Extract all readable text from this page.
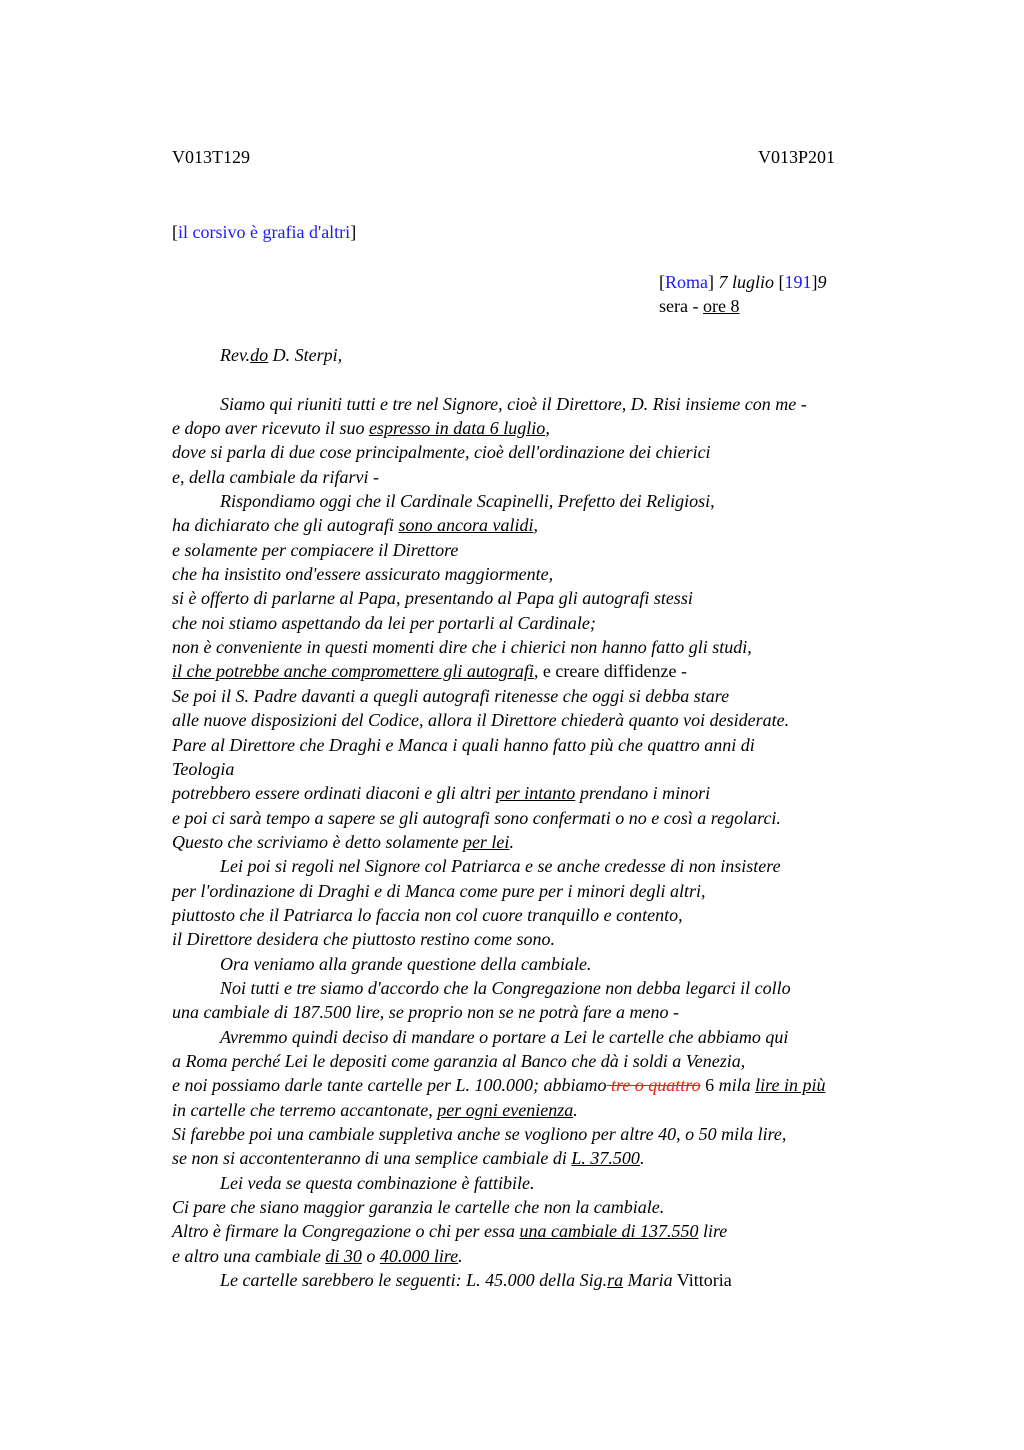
V013T129	V013P201
[il corsivo è grafia d'altri]
[Roma] 7 luglio [191]9
sera - ore 8
Rev.do D. Sterpi,
Siamo qui riuniti tutti e tre nel Signore, cioè il Direttore, D. Risi insieme con me -
e dopo aver ricevuto il suo espresso in data 6 luglio,
dove si parla di due cose principalmente, cioè dell'ordinazione dei chierici
e, della cambiale da rifarvi -
Rispondiamo oggi che il Cardinale Scapinelli, Prefetto dei Religiosi,
ha dichiarato che gli autografi sono ancora validi,
e solamente per compiacere il Direttore
che ha insistito ond'essere assicurato maggiormente,
si è offerto di parlarne al Papa, presentando al Papa gli autografi stessi
che noi stiamo aspettando da lei per portarli al Cardinale;
non è conveniente in questi momenti dire che i chierici non hanno fatto gli studi,
il che potrebbe anche compromettere gli autografi, e creare diffidenze -
Se poi il S. Padre davanti a quegli autografi ritenesse che oggi si debba stare
alle nuove disposizioni del Codice, allora il Direttore chiederà quanto voi desiderate.
Pare al Direttore che Draghi e Manca i quali hanno fatto più che quattro anni di
Teologia
potrebbero essere ordinati diaconi e gli altri per intanto prendano i minori
e poi ci sarà tempo a sapere se gli autografi sono confermati o no e così a regolarci.
Questo che scriviamo è detto solamente per lei.
Lei poi si regoli nel Signore col Patriarca e se anche credesse di non insistere
per l'ordinazione di Draghi e di Manca come pure per i minori degli altri,
piuttosto che il Patriarca lo faccia non col cuore tranquillo e contento,
il Direttore desidera che piuttosto restino come sono.
Ora veniamo alla grande questione della cambiale.
Noi tutti e tre siamo d'accordo che la Congregazione non debba legarci il collo
una cambiale di 187.500 lire, se proprio non se ne potrà fare a meno -
Avremmo quindi deciso di mandare o portare a Lei le cartelle che abbiamo qui
a Roma perché Lei le depositi come garanzia al Banco che dà i soldi a Venezia,
e noi possiamo darle tante cartelle per L. 100.000; abbiamo tre o quattro 6 mila lire in più
in cartelle che terremo accantonate, per ogni evenienza.
Si farebbe poi una cambiale suppletiva anche se vogliono per altre 40, o 50 mila lire,
se non si accontenteranno di una semplice cambiale di L. 37.500.
Lei veda se questa combinazione è fattibile.
Ci pare che siano maggior garanzia le cartelle che non la cambiale.
Altro è firmare la Congregazione o chi per essa una cambiale di 137.550 lire
e altro una cambiale di 30 o 40.000 lire.
Le cartelle sarebbero le seguenti: L. 45.000 della Sig.ra Maria Vittoria
